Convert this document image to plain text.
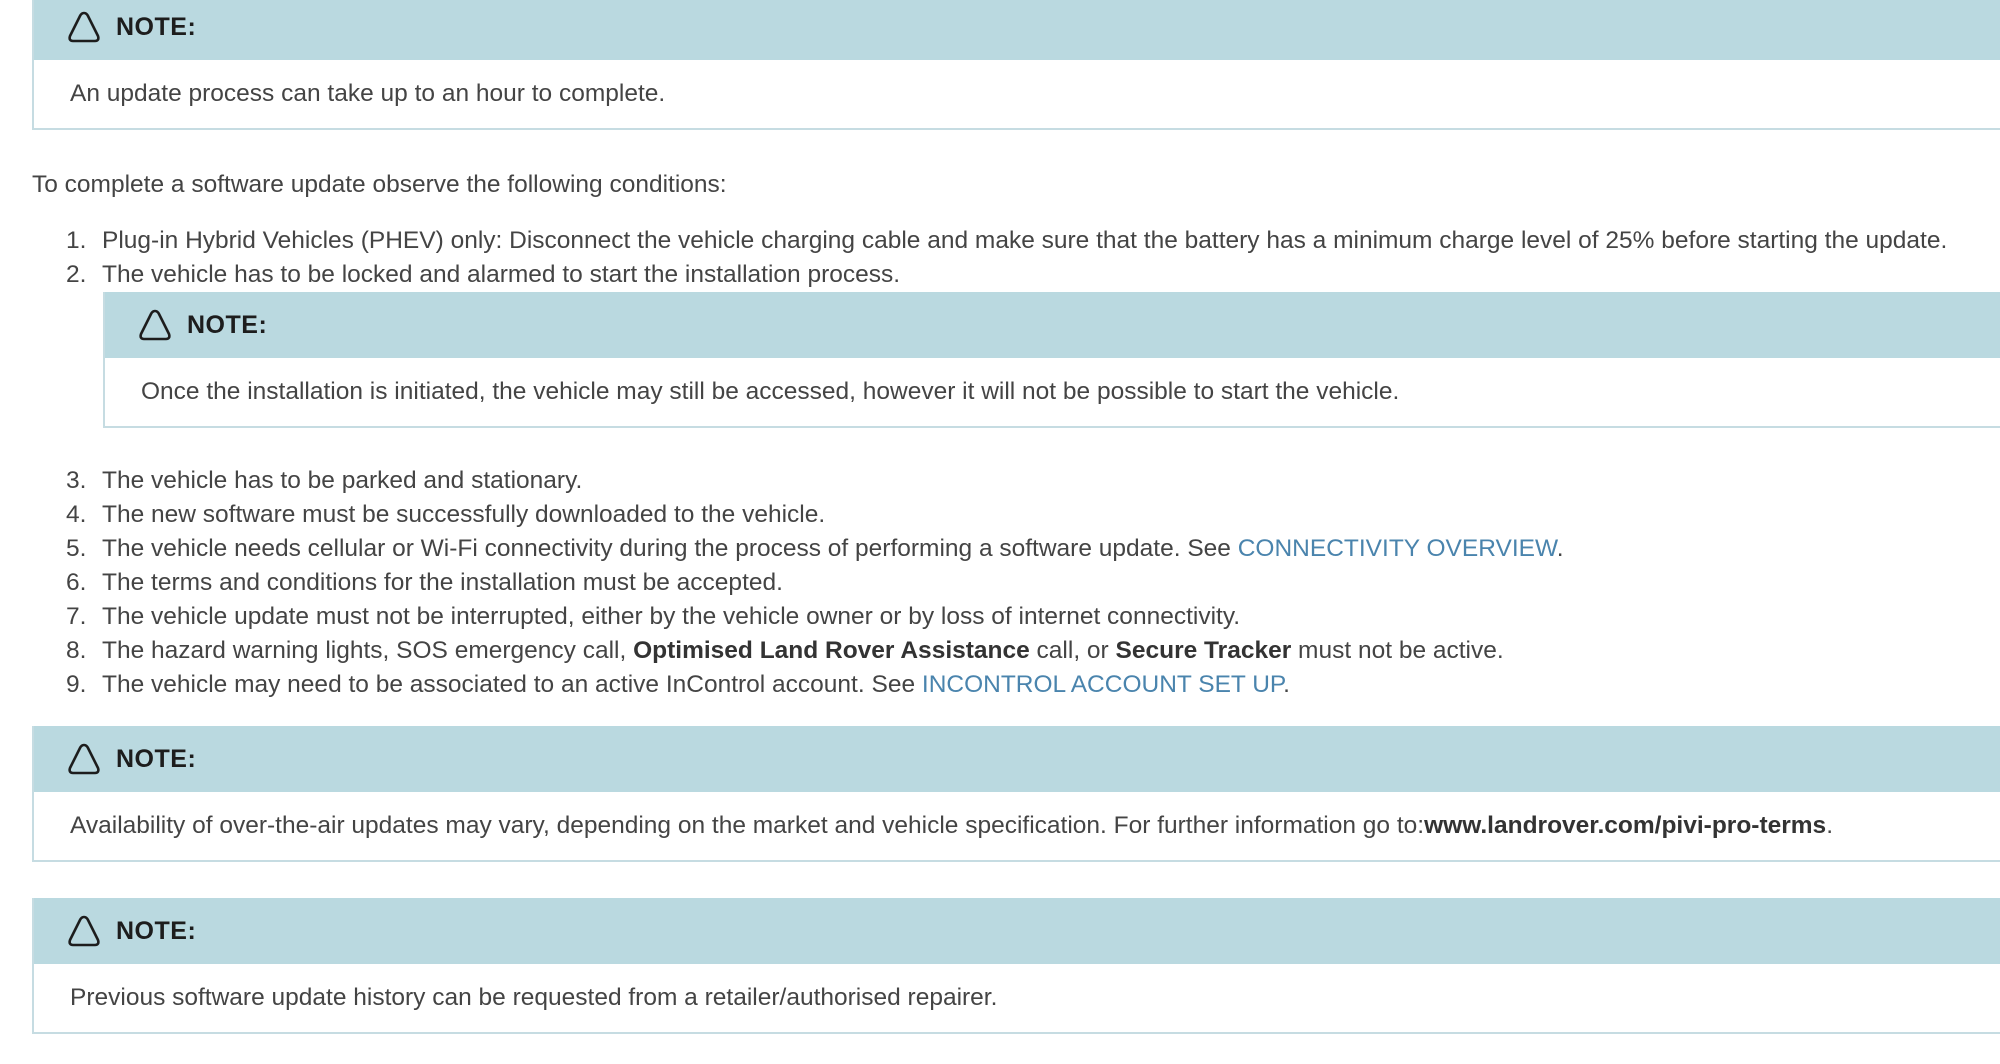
NOTE:
An update process can take up to an hour to complete.
To complete a software update observe the following conditions:
1. Plug-in Hybrid Vehicles (PHEV) only: Disconnect the vehicle charging cable and make sure that the battery has a minimum charge level of 25% before starting the update.
2. The vehicle has to be locked and alarmed to start the installation process.
NOTE:
Once the installation is initiated, the vehicle may still be accessed, however it will not be possible to start the vehicle.
3. The vehicle has to be parked and stationary.
4. The new software must be successfully downloaded to the vehicle.
5. The vehicle needs cellular or Wi-Fi connectivity during the process of performing a software update. See CONNECTIVITY OVERVIEW.
6. The terms and conditions for the installation must be accepted.
7. The vehicle update must not be interrupted, either by the vehicle owner or by loss of internet connectivity.
8. The hazard warning lights, SOS emergency call, Optimised Land Rover Assistance call, or Secure Tracker must not be active.
9. The vehicle may need to be associated to an active InControl account. See INCONTROL ACCOUNT SET UP.
NOTE:
Availability of over-the-air updates may vary, depending on the market and vehicle specification. For further information go to: www.landrover.com/pivi-pro-terms .
NOTE:
Previous software update history can be requested from a retailer/authorised repairer.
